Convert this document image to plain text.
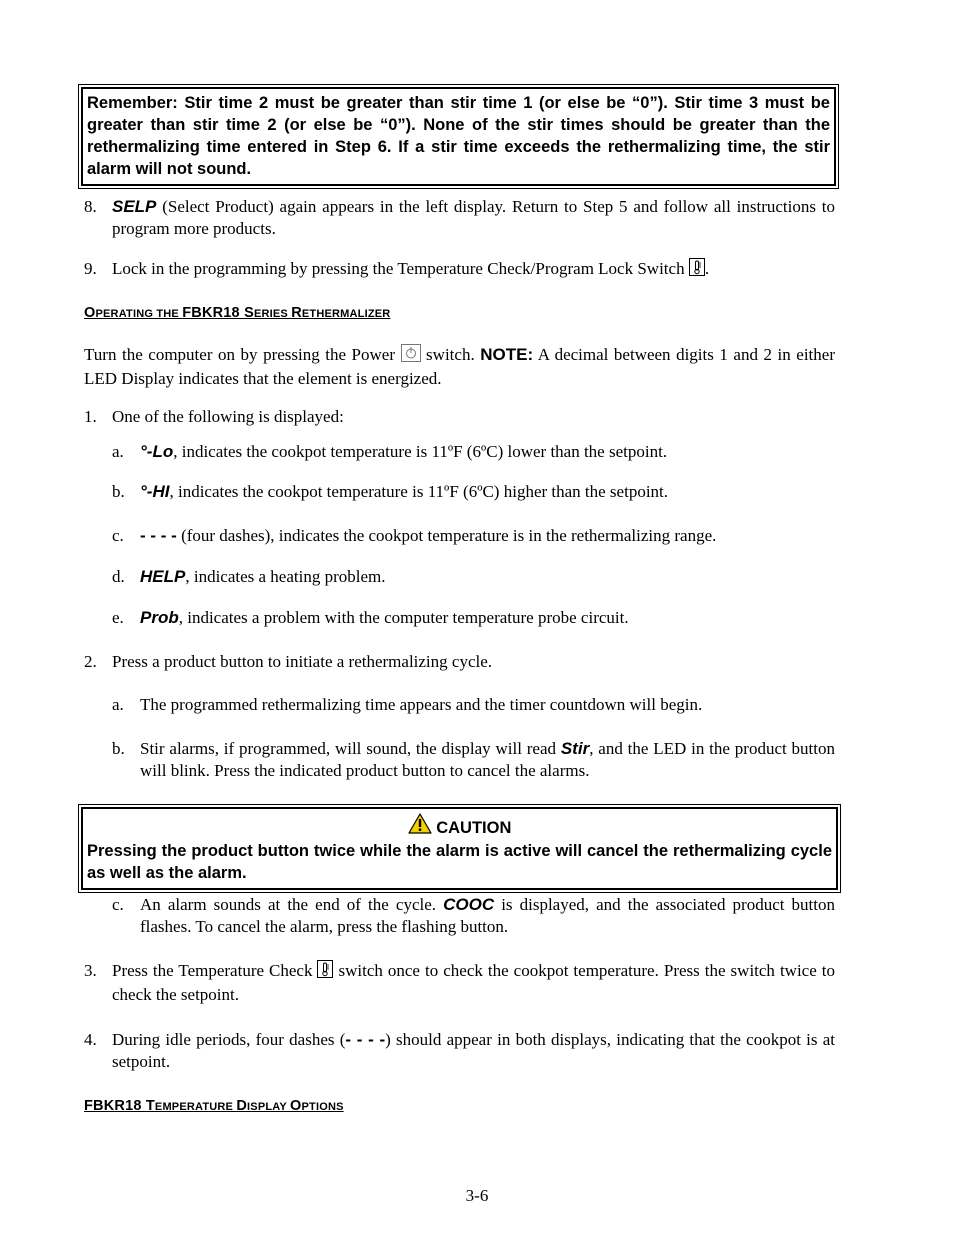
Remember: Stir time 2 must be greater than stir time 1 (or else be “0”). Stir time 3 must be greater than stir time 2 (or else be “0”). None of the stir times should be greater than the rethermalizing time entered in Step 6. If a stir time exceeds the rethermalizing time, the stir alarm will not sound.
8. SELP (Select Product) again appears in the left display. Return to Step 5 and follow all instructions to program more products.
9. Lock in the programming by pressing the Temperature Check/Program Lock Switch .
OPERATING THE FBKR18 SERIES RETHERMALIZER
Turn the computer on by pressing the Power  switch. NOTE: A decimal between digits 1 and 2 in either LED Display indicates that the element is energized.
1. One of the following is displayed:
a. °-Lo, indicates the cookpot temperature is 11ºF (6ºC) lower than the setpoint.
b. °-HI, indicates the cookpot temperature is 11ºF (6ºC) higher than the setpoint.
c. - - - - (four dashes), indicates the cookpot temperature is in the rethermalizing range.
d. HELP, indicates a heating problem.
e. Prob, indicates a problem with the computer temperature probe circuit.
2. Press a product button to initiate a rethermalizing cycle.
a. The programmed rethermalizing time appears and the timer countdown will begin.
b. Stir alarms, if programmed, will sound, the display will read Stir, and the LED in the product button will blink. Press the indicated product button to cancel the alarms.
CAUTION
Pressing the product button twice while the alarm is active will cancel the rethermalizing cycle as well as the alarm.
c. An alarm sounds at the end of the cycle. COOC is displayed, and the associated product button flashes. To cancel the alarm, press the flashing button.
3. Press the Temperature Check  switch once to check the cookpot temperature. Press the switch twice to check the setpoint.
4. During idle periods, four dashes (- - - -) should appear in both displays, indicating that the cookpot is at setpoint.
FBKR18 TEMPERATURE DISPLAY OPTIONS
3-6
